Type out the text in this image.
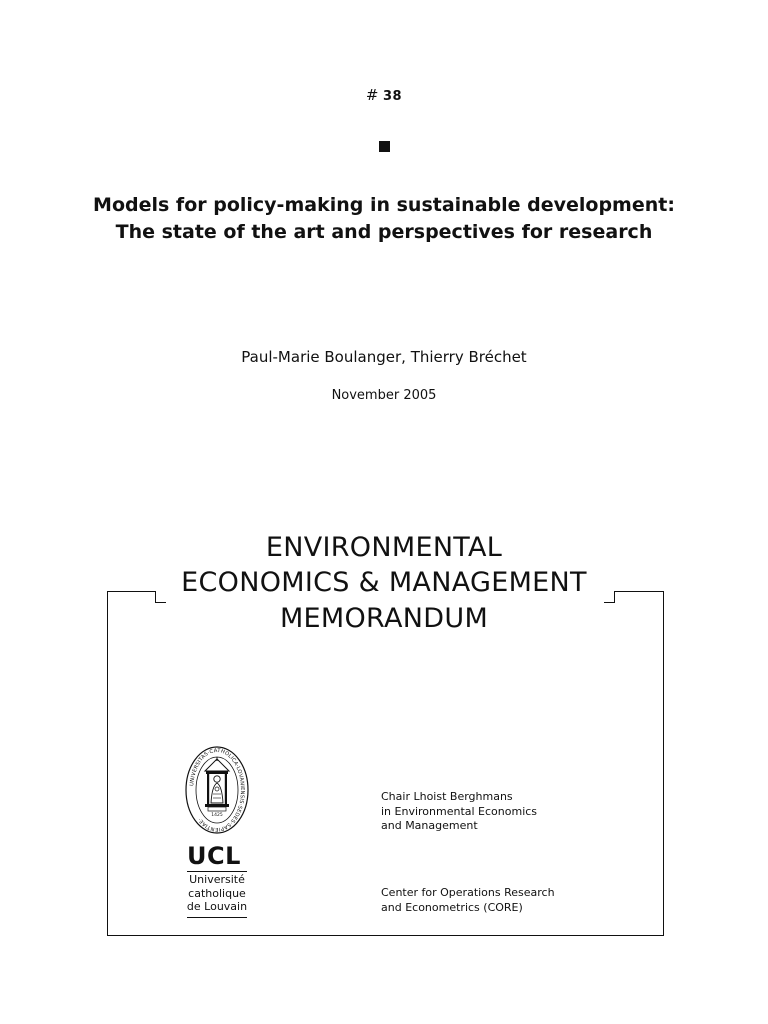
# 38
Models for policy-making in sustainable development:
The state of the art and perspectives for research
Paul-Marie Boulanger, Thierry Bréchet
November 2005
ENVIRONMENTAL
ECONOMICS & MANAGEMENT
MEMORANDUM
UNIVERSITAS·CATHOLICA·LOVANIENSIS·SEDES·SAPIENTIAE·
1425
UCL
Université
catholique
de Louvain
Chair Lhoist Berghmans
in Environmental Economics
and Management
Center for Operations Research
and Econometrics (CORE)
